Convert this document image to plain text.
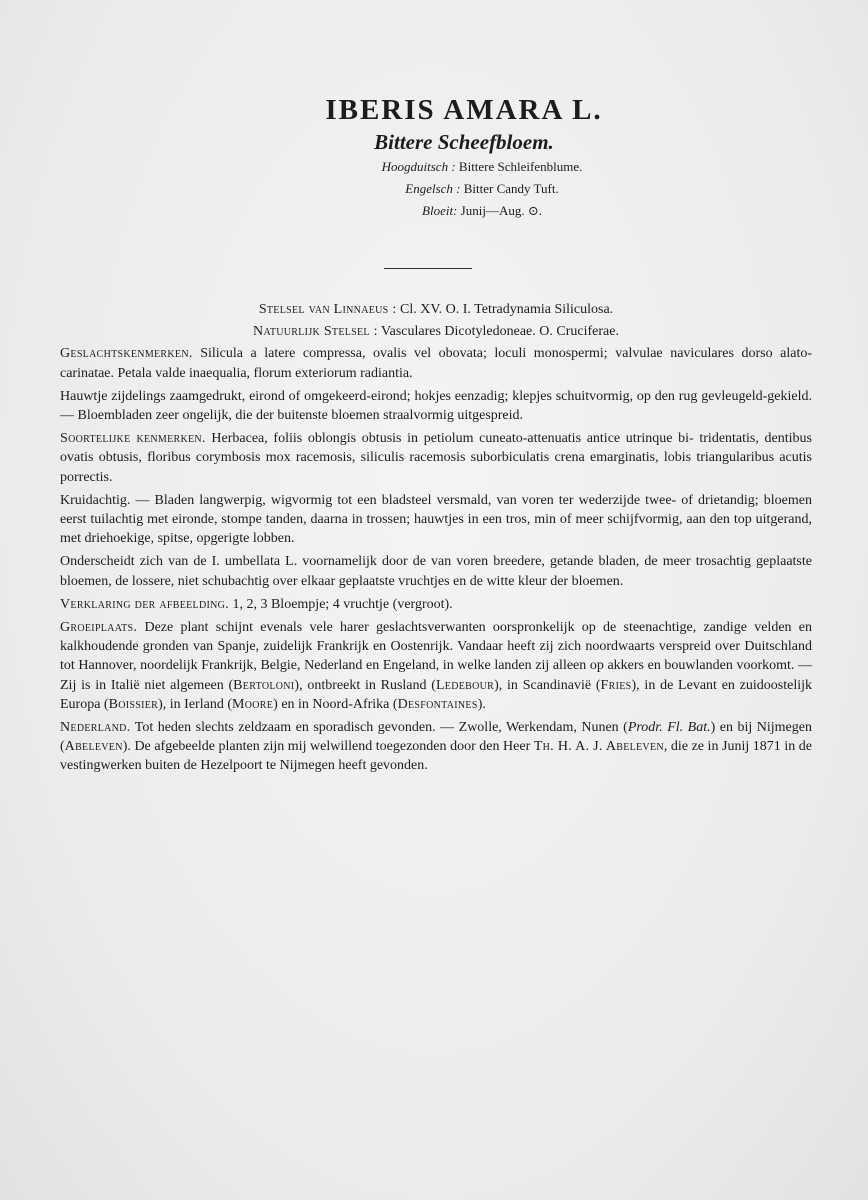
IBERIS AMARA L.
Bittere Scheefbloem.
Hoogduitsch : Bittere Schleifenblume.
Engelsch : Bitter Candy Tuft.
Bloeit: Junij—Aug. ⊙.

Stelsel van Linnaeus : Cl. XV. O. I. Tetradynamia Siliculosa.

Natuurlijk Stelsel : Vasculares Dicotyledoneae. O. Cruciferae.

Geslachtskenmerken. Silicula a latere compressa, ovalis vel obovata; loculi monospermi; valvulae naviculares dorso alato-carinatae. Petala valde inaequalia, florum exteriorum radiantia.

Hauwtje zijdelings zaamgedrukt, eirond of omgekeerd-eirond; hokjes eenzadig; klepjes schuitvormig, op den rug gevleugeld-gekield. — Bloembladen zeer ongelijk, die der buitenste bloemen straalvormig uitgespreid.

Soortelijke kenmerken. Herbacea, foliis oblongis obtusis in petiolum cuneato-attenuatis antice utrinque bi- tridentatis, dentibus ovatis obtusis, floribus corymbosis mox racemosis, siliculis racemosis suborbiculatis crena emarginatis, lobis triangularibus acutis porrectis.

Kruidachtig. — Bladen langwerpig, wigvormig tot een bladsteel versmald, van voren ter wederzijde twee- of drietandig; bloemen eerst tuilachtig met eironde, stompe tanden, daarna in trossen; hauwtjes in een tros, min of meer schijfvormig, aan den top uitgerand, met driehoekige, spitse, opgerigte lobben.

Onderscheidt zich van de I. umbellata L. voornamelijk door de van voren breedere, getande bladen, de meer trosachtig geplaatste bloemen, de lossere, niet schubachtig over elkaar geplaatste vruchtjes en de witte kleur der bloemen.

Verklaring der afbeelding. 1, 2, 3 Bloempje; 4 vruchtje (vergroot).

Groeiplaats. Deze plant schijnt evenals vele harer geslachtsverwanten oorspronkelijk op de steenachtige, zandige velden en kalkhoudende gronden van Spanje, zuidelijk Frankrijk en Oostenrijk. Vandaar heeft zij zich noordwaarts verspreid over Duitschland tot Hannover, noordelijk Frankrijk, Belgie, Nederland en Engeland, in welke landen zij alleen op akkers en bouwlanden voorkomt. — Zij is in Italië niet algemeen (Bertoloni), ontbreekt in Rusland (Ledebour), in Scandinavië (Fries), in de Levant en zuidoostelijk Europa (Boissier), in Ierland (Moore) en in Noord-Afrika (Desfontaines).

Nederland. Tot heden slechts zeldzaam en sporadisch gevonden. — Zwolle, Werkendam, Nunen (Prodr. Fl. Bat.) en bij Nijmegen (Abeleven). De afgebeelde planten zijn mij welwillend toegezonden door den Heer Th. H. A. J. Abeleven, die ze in Junij 1871 in de vestingwerken buiten de Hezelpoort te Nijmegen heeft gevonden.
